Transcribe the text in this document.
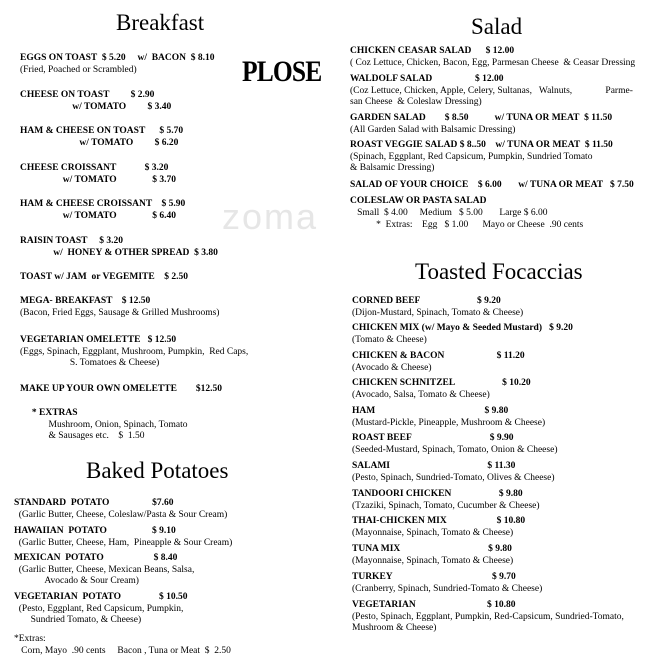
zoma
PLOSE
Breakfast
Baked Potatoes
Salad
Toasted Focaccias
EGGS ON TOAST  $ 5.20     w/  BACON  $ 8.10
(Fried, Poached or Scrambled)
CHEESE ON TOAST         $ 2.90
w/ TOMATO         $ 3.40
HAM & CHEESE ON TOAST      $ 5.70
w/ TOMATO         $ 6.20
CHEESE CROISSANT            $ 3.20
w/ TOMATO               $ 3.70
HAM & CHEESE CROISSANT    $ 5.90
w/ TOMATO               $ 6.40
RAISIN TOAST     $ 3.20
w/  HONEY & OTHER SPREAD  $ 3.80
TOAST w/ JAM  or VEGEMITE    $ 2.50
MEGA- BREAKFAST    $ 12.50
(Bacon, Fried Eggs, Sausage & Grilled Mushrooms)
VEGETARIAN OMELETTE   $ 12.50
(Eggs, Spinach, Eggplant, Mushroom, Pumpkin,  Red Caps,
S. Tomatoes & Cheese)
MAKE UP YOUR OWN OMELETTE        $12.50
* EXTRAS
Mushroom, Onion, Spinach, Tomato
& Sausages etc.    $  1.50
STANDARD  POTATO                  $7.60
(Garlic Butter, Cheese, Coleslaw/Pasta & Sour Cream)
HAWAIIAN  POTATO                   $ 9.10
(Garlic Butter, Cheese, Ham,  Pineapple & Sour Cream)
MEXICAN  POTATO                     $ 8.40
(Garlic Butter, Cheese, Mexican Beans, Salsa,
Avocado & Sour Cream)
VEGETARIAN  POTATO                $ 10.50
(Pesto, Eggplant, Red Capsicum, Pumpkin,
Sundried Tomato, & Cheese)
*Extras:
Corn, Mayo  .90 cents     Bacon , Tuna or Meat  $  2.50
CHICKEN CEASAR SALAD      $ 12.00
( Coz Lettuce, Chicken, Bacon, Egg, Parmesan Cheese  & Ceasar Dressing
WALDOLF SALAD                  $ 12.00
(Coz Lettuce, Chicken, Apple, Celery, Sultanas,   Walnuts,              Parme-
san Cheese  & Coleslaw Dressing)
GARDEN SALAD        $ 8.50           w/ TUNA OR MEAT  $ 11.50
(All Garden Salad with Balsamic Dressing)
ROAST VEGGIE SALAD $ 8..50    w/ TUNA OR MEAT  $ 11.50
(Spinach, Eggplant, Red Capsicum, Pumpkin, Sundried Tomato
& Balsamic Dressing)
SALAD OF YOUR CHOICE    $ 6.00       w/ TUNA OR MEAT   $ 7.50
COLESLAW OR PASTA SALAD
Small  $ 4.00     Medium   $ 5.00       Large $ 6.00
*  Extras:    Egg   $ 1.00      Mayo or Cheese  .90 cents
CORNED BEEF                        $ 9.20
(Dijon-Mustard, Spinach, Tomato & Cheese)
CHICKEN MIX (w/ Mayo & Seeded Mustard)   $ 9.20
(Tomato & Cheese)
CHICKEN & BACON                      $ 11.20
(Avocado & Cheese)
CHICKEN SCHNITZEL                    $ 10.20
(Avocado, Salsa, Tomato & Cheese)
HAM                                              $ 9.80
(Mustard-Pickle, Pineapple, Mushroom & Cheese)
ROAST BEEF                                 $ 9.90
(Seeded-Mustard, Spinach, Tomato, Onion & Cheese)
SALAMI                                         $ 11.30
(Pesto, Spinach, Sundried-Tomato, Olives & Cheese)
TANDOORI CHICKEN                    $ 9.80
(Tzaziki, Spinach, Tomato, Cucumber & Cheese)
THAI-CHICKEN MIX                     $ 10.80
(Mayonnaise, Spinach, Tomato & Cheese)
TUNA MIX                                     $ 9.80
(Mayonnaise, Spinach, Tomato & Cheese)
TURKEY                                          $ 9.70
(Cranberry, Spinach, Sundried-Tomato & Cheese)
VEGETARIAN                              $ 10.80
(Pesto, Spinach, Eggplant, Pumpkin, Red-Capsicum, Sundried-Tomato,
Mushroom & Cheese)
